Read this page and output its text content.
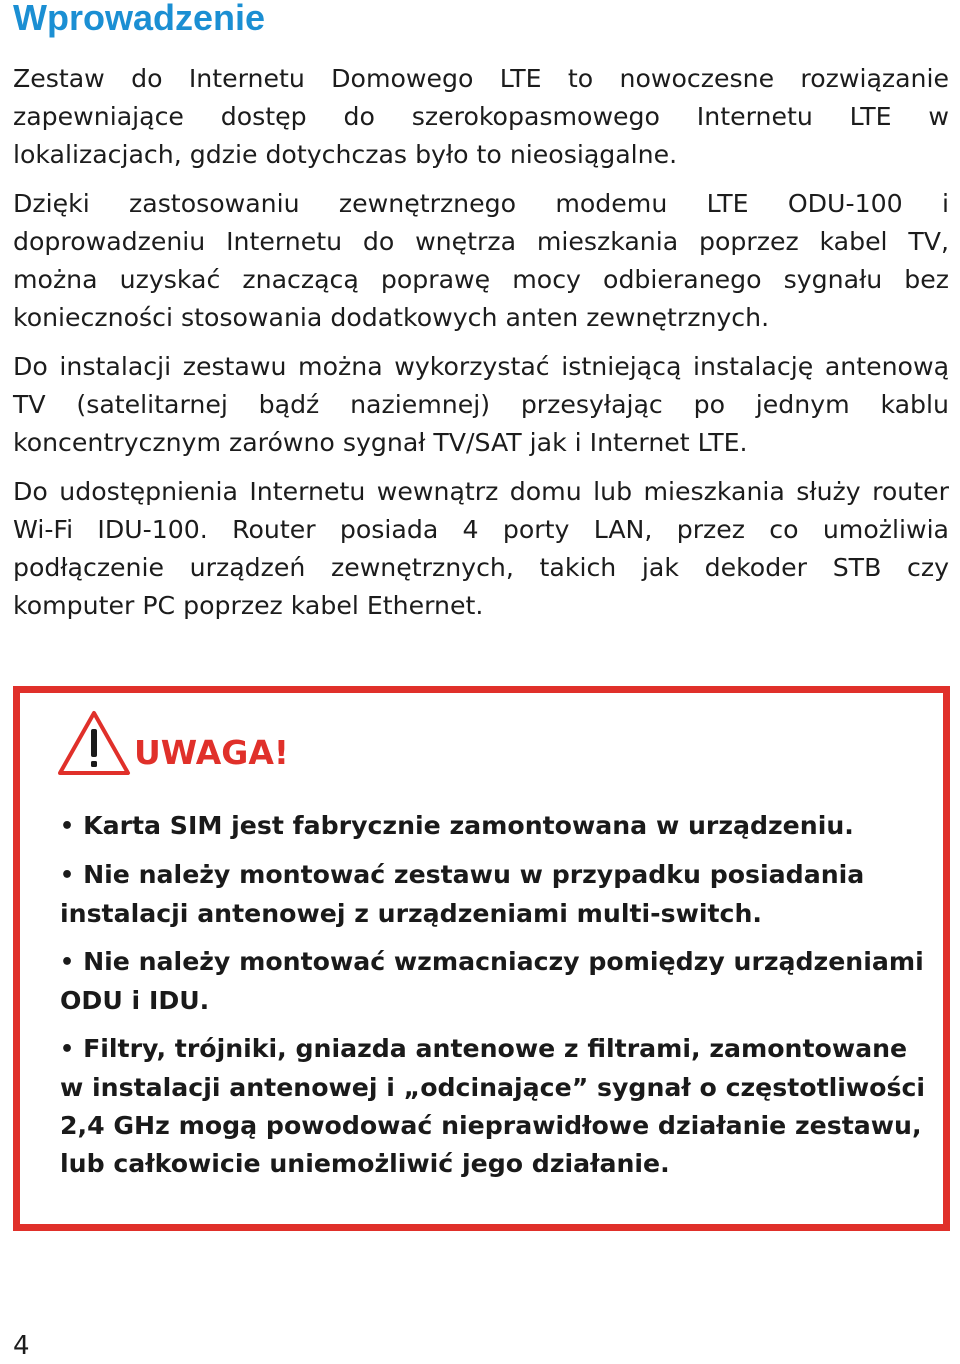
Wprowadzenie

Zestaw do Internetu Domowego LTE to nowoczesne rozwiązanie zapewniające dostęp do szerokopasmowego Internetu LTE w lokalizacjach, gdzie dotychczas było to nieosiągalne.

Dzięki zastosowaniu zewnętrznego modemu LTE ODU-100 i doprowadzeniu Internetu do wnętrza mieszkania poprzez kabel TV, można uzyskać znaczącą poprawę mocy odbieranego sygnału bez konieczności stosowania dodatkowych anten zewnętrznych.

Do instalacji zestawu można wykorzystać istniejącą instalację antenową TV (satelitarnej bądź naziemnej) przesyłając po jednym kablu koncentrycznym zarówno sygnał TV/SAT jak i Internet LTE.

Do udostępnienia Internetu wewnątrz domu lub mieszkania służy router Wi-Fi IDU-100. Router posiada 4 porty LAN, przez co umożliwia podłączenie urządzeń zewnętrznych, takich jak dekoder STB czy komputer PC poprzez kabel Ethernet.

UWAGA!
• Karta SIM jest fabrycznie zamontowana w urządzeniu.
• Nie należy montować zestawu w przypadku posiadania instalacji antenowej z urządzeniami multi-switch.
• Nie należy montować wzmacniaczy pomiędzy urządzeniami ODU i IDU.
• Filtry, trójniki, gniazda antenowe z filtrami, zamontowane w instalacji antenowej i „odcinające” sygnał o częstotliwości 2,4 GHz mogą powodować nieprawidłowe działanie zestawu, lub całkowicie uniemożliwić jego działanie.
4
